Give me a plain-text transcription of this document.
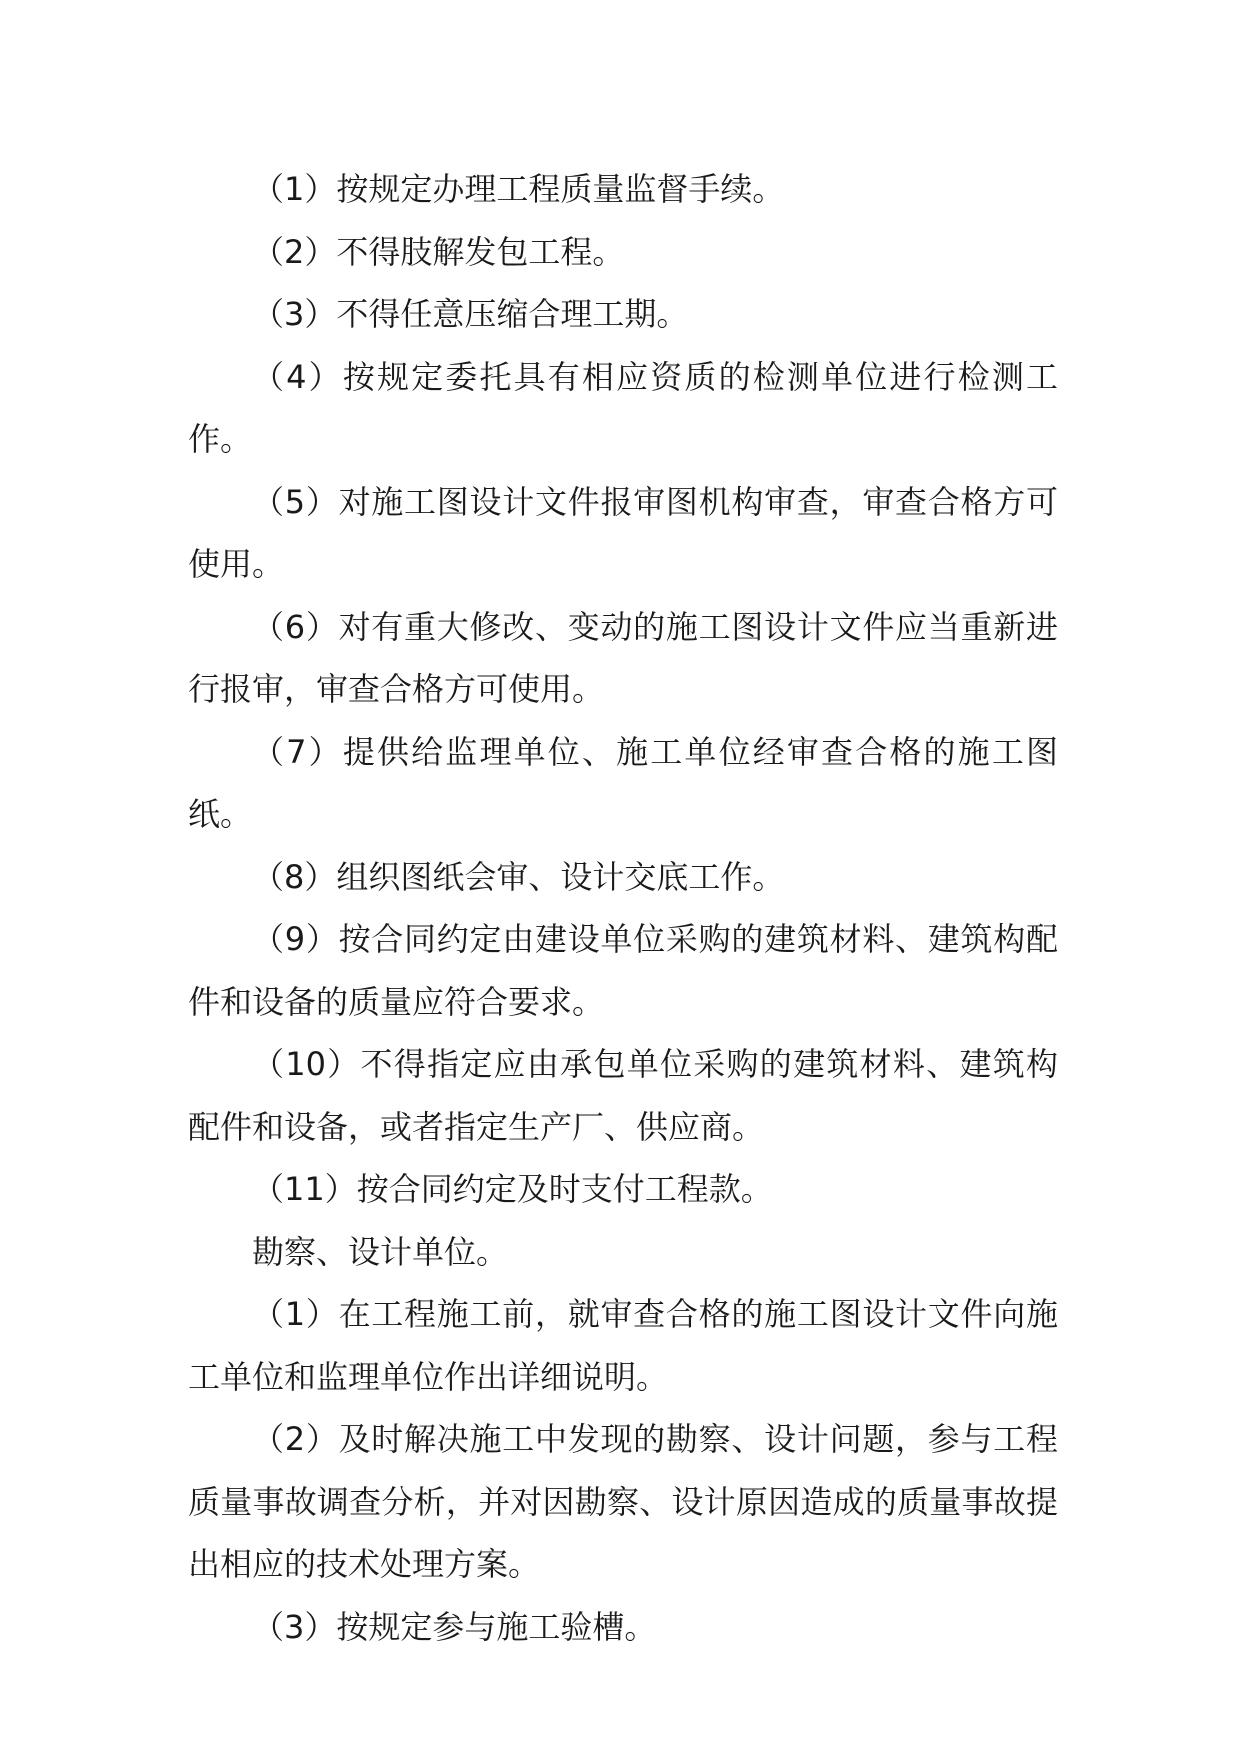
（1）按规定办理工程质量监督手续。

（2）不得肢解发包工程。

（3）不得任意压缩合理工期。

（4）按规定委托具有相应资质的检测单位进行检测工作。

（5）对施工图设计文件报审图机构审查，审查合格方可使用。

（6）对有重大修改、变动的施工图设计文件应当重新进行报审，审查合格方可使用。

（7）提供给监理单位、施工单位经审查合格的施工图纸。

（8）组织图纸会审、设计交底工作。

（9）按合同约定由建设单位采购的建筑材料、建筑构配件和设备的质量应符合要求。

（10）不得指定应由承包单位采购的建筑材料、建筑构配件和设备，或者指定生产厂、供应商。

（11）按合同约定及时支付工程款。

勘察、设计单位。

（1）在工程施工前，就审查合格的施工图设计文件向施工单位和监理单位作出详细说明。

（2）及时解决施工中发现的勘察、设计问题，参与工程质量事故调查分析，并对因勘察、设计原因造成的质量事故提出相应的技术处理方案。

（3）按规定参与施工验槽。
